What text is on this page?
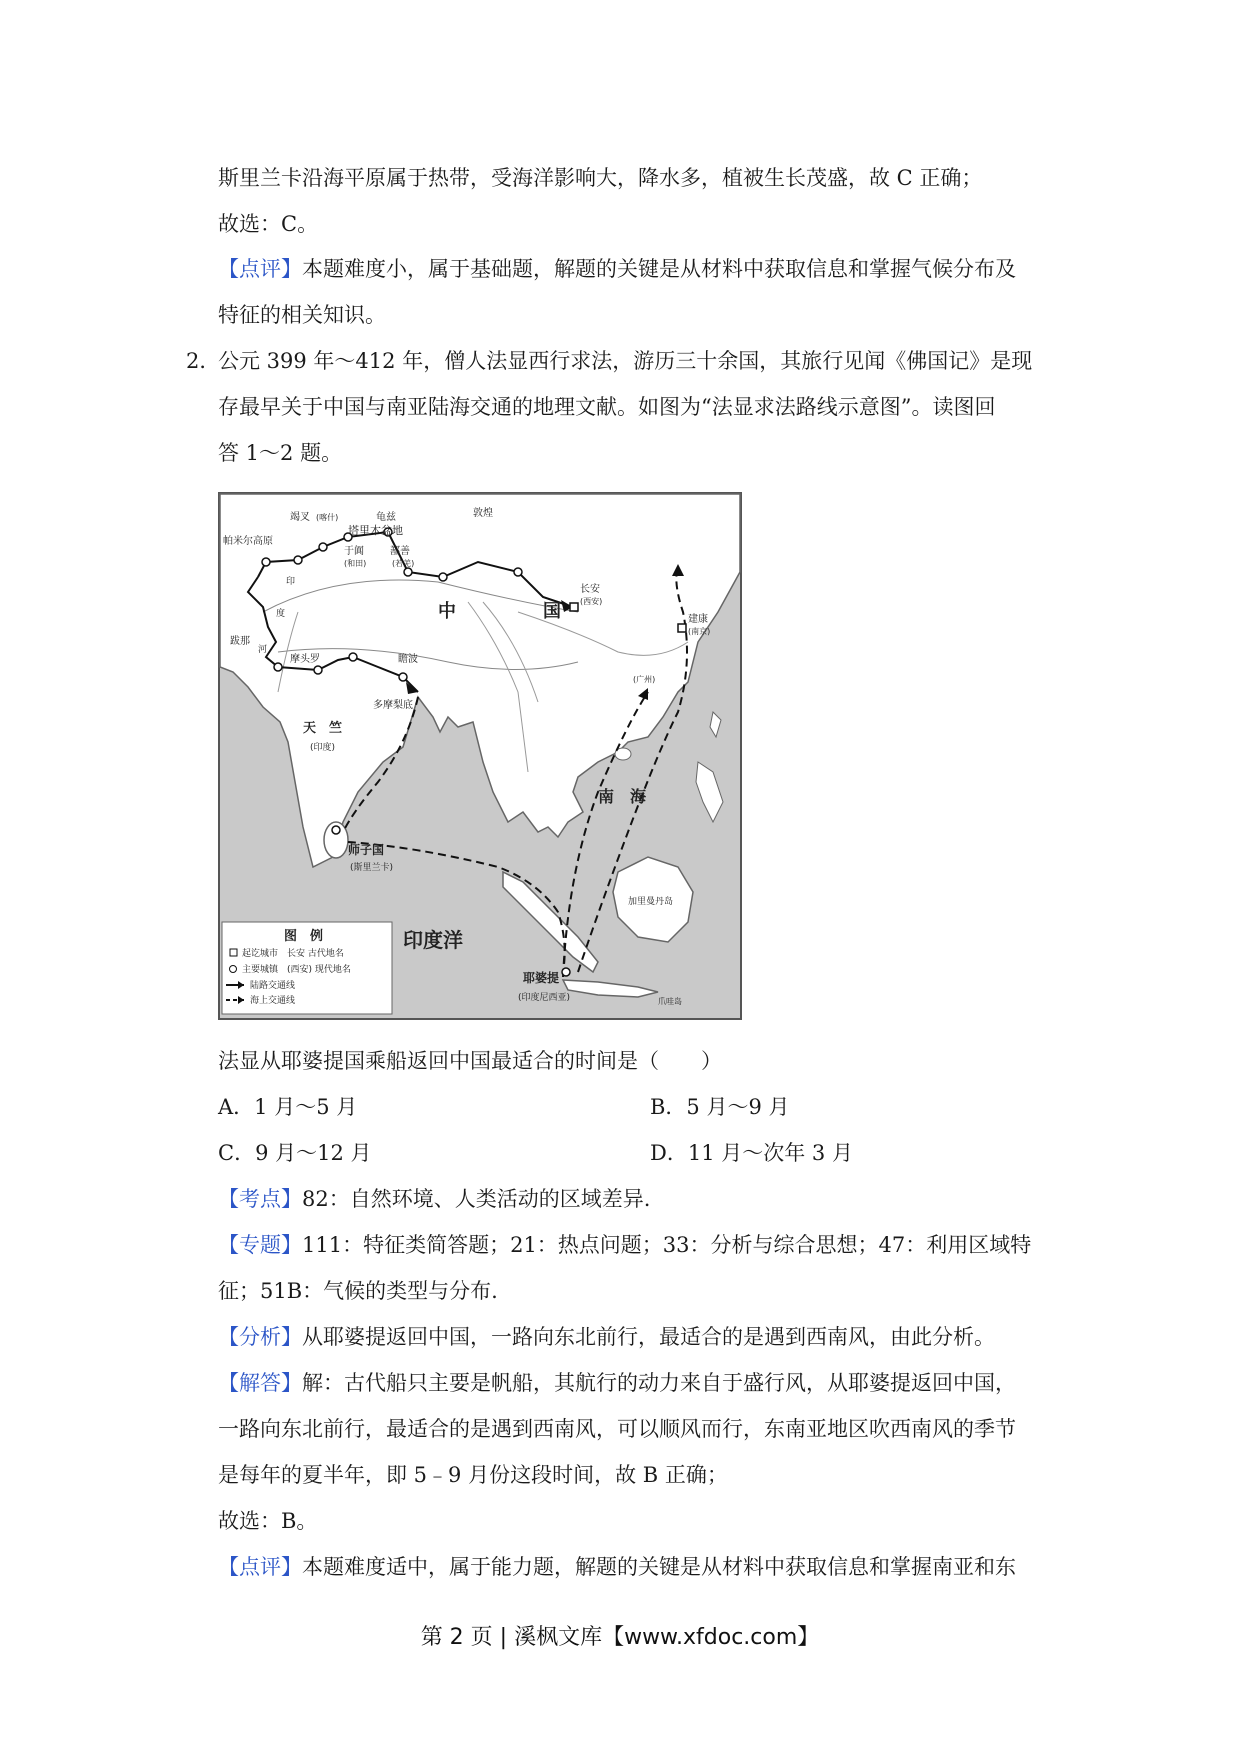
斯里兰卡沿海平原属于热带，受海洋影响大，降水多，植被生长茂盛，故 C 正确；
故选：C。
【点评】本题难度小，属于基础题，解题的关键是从材料中获取信息和掌握气候分布及
特征的相关知识。
2．
公元 399 年～412 年，僧人法显西行求法，游历三十余国，其旅行见闻《佛国记》是现
存最早关于中国与南亚陆海交通的地理文献。如图为“法显求法路线示意图”。读图回
答 1～2 题。
帕米尔高原
竭叉 (喀什)	龟兹
塔里木盆地
于阗
(和田)
鄯善
(若羌)
敦煌
中	国
长安
(西安)
建康
(南京)
(广州)
跋那
摩头罗	瞻波
多摩梨底
天　竺
(印度)
师子国
(斯里兰卡)
南　海
加里曼丹岛
印度洋
耶婆提
(印度尼西亚)	爪哇岛
印
度
河
图　例
起讫城市　长安 古代地名
主要城镇　(西安) 现代地名
陆路交通线
海上交通线
法显从耶婆提国乘船返回中国最适合的时间是（　　）
A．1 月～5 月	B．5 月～9 月
C．9 月～12 月	D．11 月～次年 3 月
【考点】82：自然环境、人类活动的区域差异.
【专题】111：特征类简答题；21：热点问题；33：分析与综合思想；47：利用区域特
征；51B：气候的类型与分布.
【分析】从耶婆提返回中国，一路向东北前行，最适合的是遇到西南风，由此分析。
【解答】解：古代船只主要是帆船，其航行的动力来自于盛行风，从耶婆提返回中国，
一路向东北前行，最适合的是遇到西南风，可以顺风而行，东南亚地区吹西南风的季节
是每年的夏半年，即 5﹣9 月份这段时间，故 B 正确；
故选：B。
【点评】本题难度适中，属于能力题，解题的关键是从材料中获取信息和掌握南亚和东
第 2 页 | 溪枫文库【www.xfdoc.com】
